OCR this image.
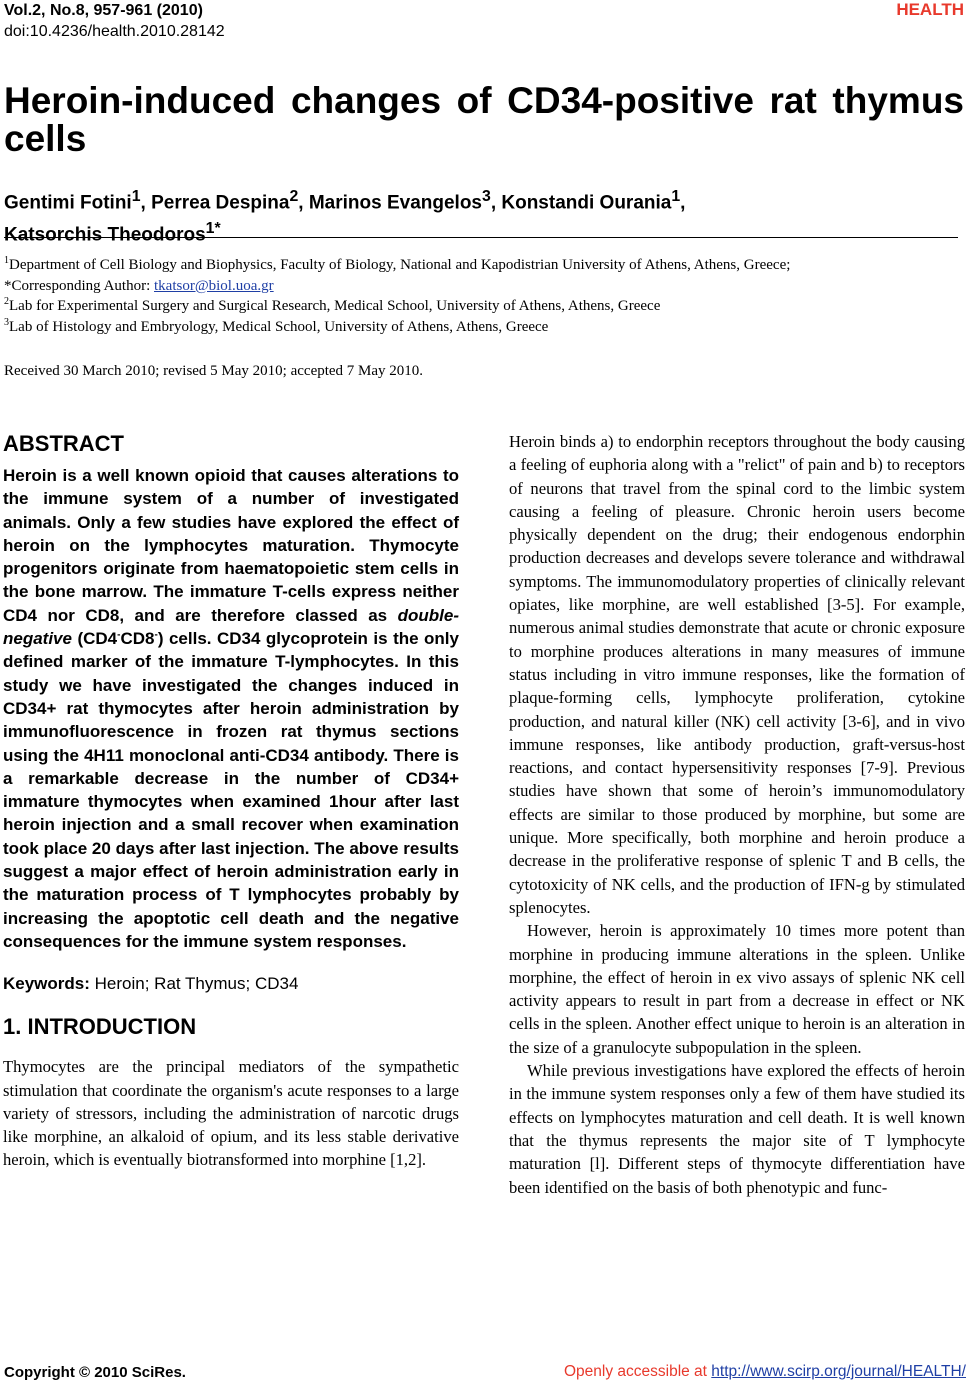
Vol.2, No.8, 957-961 (2010)
doi:10.4236/health.2010.28142
HEALTH
Heroin-induced changes of CD34-positive rat thymus cells

Gentimi Fotini$^1$, Perrea Despina$^2$, Marinos Evangelos$^3$, Konstandi Ourania$^1$,
Katsorchis Theodoros$^{1*}$

$^1$Department of Cell Biology and Biophysics, Faculty of Biology, National and Kapodistrian University of Athens, Athens, Greece;
*Corresponding Author: tkatsor@biol.uoa.gr
$^2$Lab for Experimental Surgery and Surgical Research, Medical School, University of Athens, Athens, Greece
$^3$Lab of Histology and Embryology, Medical School, University of Athens, Athens, Greece
Received 30 March 2010; revised 5 May 2010; accepted 7 May 2010.
ABSTRACT

Heroin is a well known opioid that causes alterations to the immune system of a number of investigated animals. Only a few studies have explored the effect of heroin on the lymphocytes maturation. Thymocyte progenitors originate from haematopoietic stem cells in the bone marrow. The immature T-cells express neither CD4 nor CD8, and are therefore classed as double-negative (CD4-CD8-) cells. CD34 glycoprotein is the only defined marker of the immature T-lymphocytes. In this study we have investigated the changes induced in CD34+ rat thymocytes after heroin administration by immunofluorescence in frozen rat thymus sections using the 4H11 monoclonal anti-CD34 antibody. There is a remarkable decrease in the number of CD34+ immature thymocytes when examined 1hour after last heroin injection and a small recover when examination took place 20 days after last injection. The above results suggest a major effect of heroin administration early in the maturation process of T lymphocytes probably by increasing the apoptotic cell death and the negative consequences for the immune system responses.

Keywords: Heroin; Rat Thymus; CD34

1. INTRODUCTION

Thymocytes are the principal mediators of the sympathetic stimulation that coordinate the organism's acute responses to a large variety of stressors, including the administration of narcotic drugs like morphine, an alkaloid of opium, and its less stable derivative heroin, which is eventually biotransformed into morphine [1,2].

Heroin binds a) to endorphin receptors throughout the body causing a feeling of euphoria along with a "relict" of pain and b) to receptors of neurons that travel from the spinal cord to the limbic system causing a feeling of pleasure. Chronic heroin users become physically dependent on the drug; their endogenous endorphin production decreases and develops severe tolerance and withdrawal symptoms. The immunomodulatory properties of clinically relevant opiates, like morphine, are well established [3-5]. For example, numerous animal studies demonstrate that acute or chronic exposure to morphine produces alterations in many measures of immune status including in vitro immune responses, like the formation of plaque-forming cells, lymphocyte proliferation, cytokine production, and natural killer (NK) cell activity [3-6], and in vivo immune responses, like antibody production, graft-versus-host reactions, and contact hypersensitivity responses [7-9]. Previous studies have shown that some of heroin’s immunomodulatory effects are similar to those produced by morphine, but some are unique. More specifically, both morphine and heroin produce a decrease in the proliferative response of splenic T and B cells, the cytotoxicity of NK cells, and the production of IFN-g by stimulated splenocytes.

However, heroin is approximately 10 times more potent than morphine in producing immune alterations in the spleen. Unlike morphine, the effect of heroin in ex vivo assays of splenic NK cell activity appears to result in part from a decrease in effect or NK cells in the spleen. Another effect unique to heroin is an alteration in the size of a granulocyte subpopulation in the spleen.

While previous investigations have explored the effects of heroin in the immune system responses only a few of them have studied its effects on lymphocytes maturation and cell death. It is well known that the thymus represents the major site of T lymphocyte maturation [l]. Different steps of thymocyte differentiation have been identified on the basis of both phenotypic and func-

Copyright © 2010 SciRes.	Openly accessible at http://www.scirp.org/journal/HEALTH/
